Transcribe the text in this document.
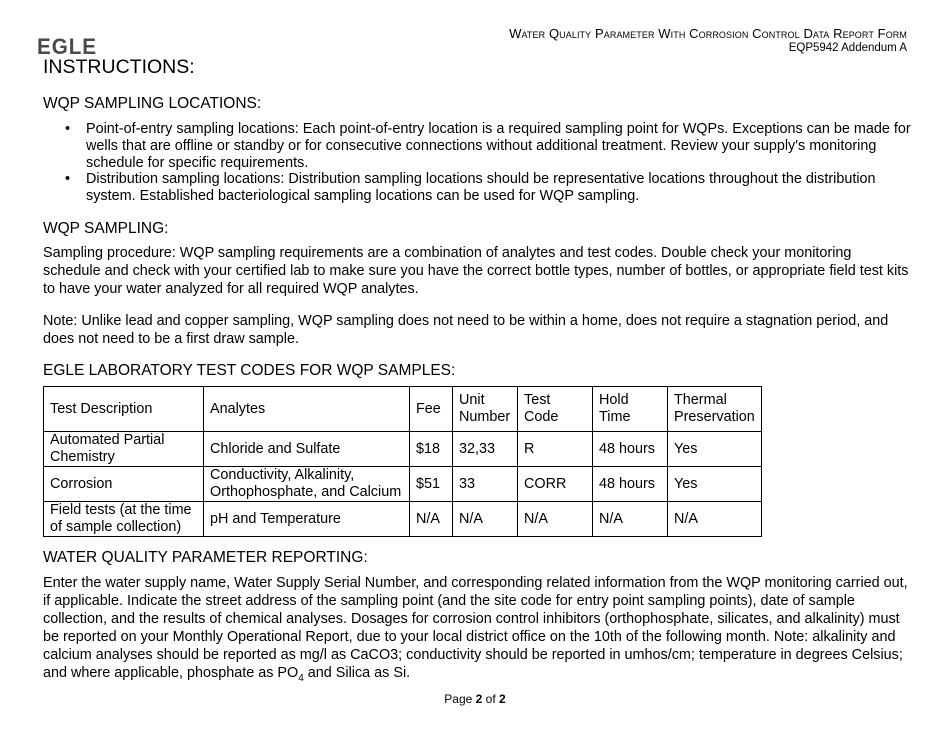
EGLE
Water Quality Parameter With Corrosion Control Data Report Form
EQP5942 Addendum A
INSTRUCTIONS:
WQP SAMPLING LOCATIONS:
• Point-of-entry sampling locations: Each point-of-entry location is a required sampling point for WQPs. Exceptions can be made for wells that are offline or standby or for consecutive connections without additional treatment. Review your supply's monitoring schedule for specific requirements.
• Distribution sampling locations: Distribution sampling locations should be representative locations throughout the distribution system. Established bacteriological sampling locations can be used for WQP sampling.
WQP SAMPLING:

Sampling procedure: WQP sampling requirements are a combination of analytes and test codes. Double check your monitoring schedule and check with your certified lab to make sure you have the correct bottle types, number of bottles, or appropriate field test kits to have your water analyzed for all required WQP analytes.

Note: Unlike lead and copper sampling, WQP sampling does not need to be within a home, does not require a stagnation period, and does not need to be a first draw sample.

EGLE LABORATORY TEST CODES FOR WQP SAMPLES:
Test Description	Analytes	Fee	Unit Number	Test Code	Hold Time	Thermal Preservation
Automated Partial Chemistry	Chloride and Sulfate	$18	32,33	R	48 hours	Yes
Corrosion	Conductivity, Alkalinity, Orthophosphate, and Calcium	$51	33	CORR	48 hours	Yes
Field tests (at the time of sample collection)	pH and Temperature	N/A	N/A	N/A	N/A	N/A
WATER QUALITY PARAMETER REPORTING:

Enter the water supply name, Water Supply Serial Number, and corresponding related information from the WQP monitoring carried out, if applicable. Indicate the street address of the sampling point (and the site code for entry point sampling points), date of sample collection, and the results of chemical analyses. Dosages for corrosion control inhibitors (orthophosphate, silicates, and alkalinity) must be reported on your Monthly Operational Report, due to your local district office on the 10th of the following month. Note: alkalinity and calcium analyses should be reported as mg/l as CaCO3; conductivity should be reported in umhos/cm; temperature in degrees Celsius; and where applicable, phosphate as $PO_4$ and Silica as Si.

Page 2 of 2
